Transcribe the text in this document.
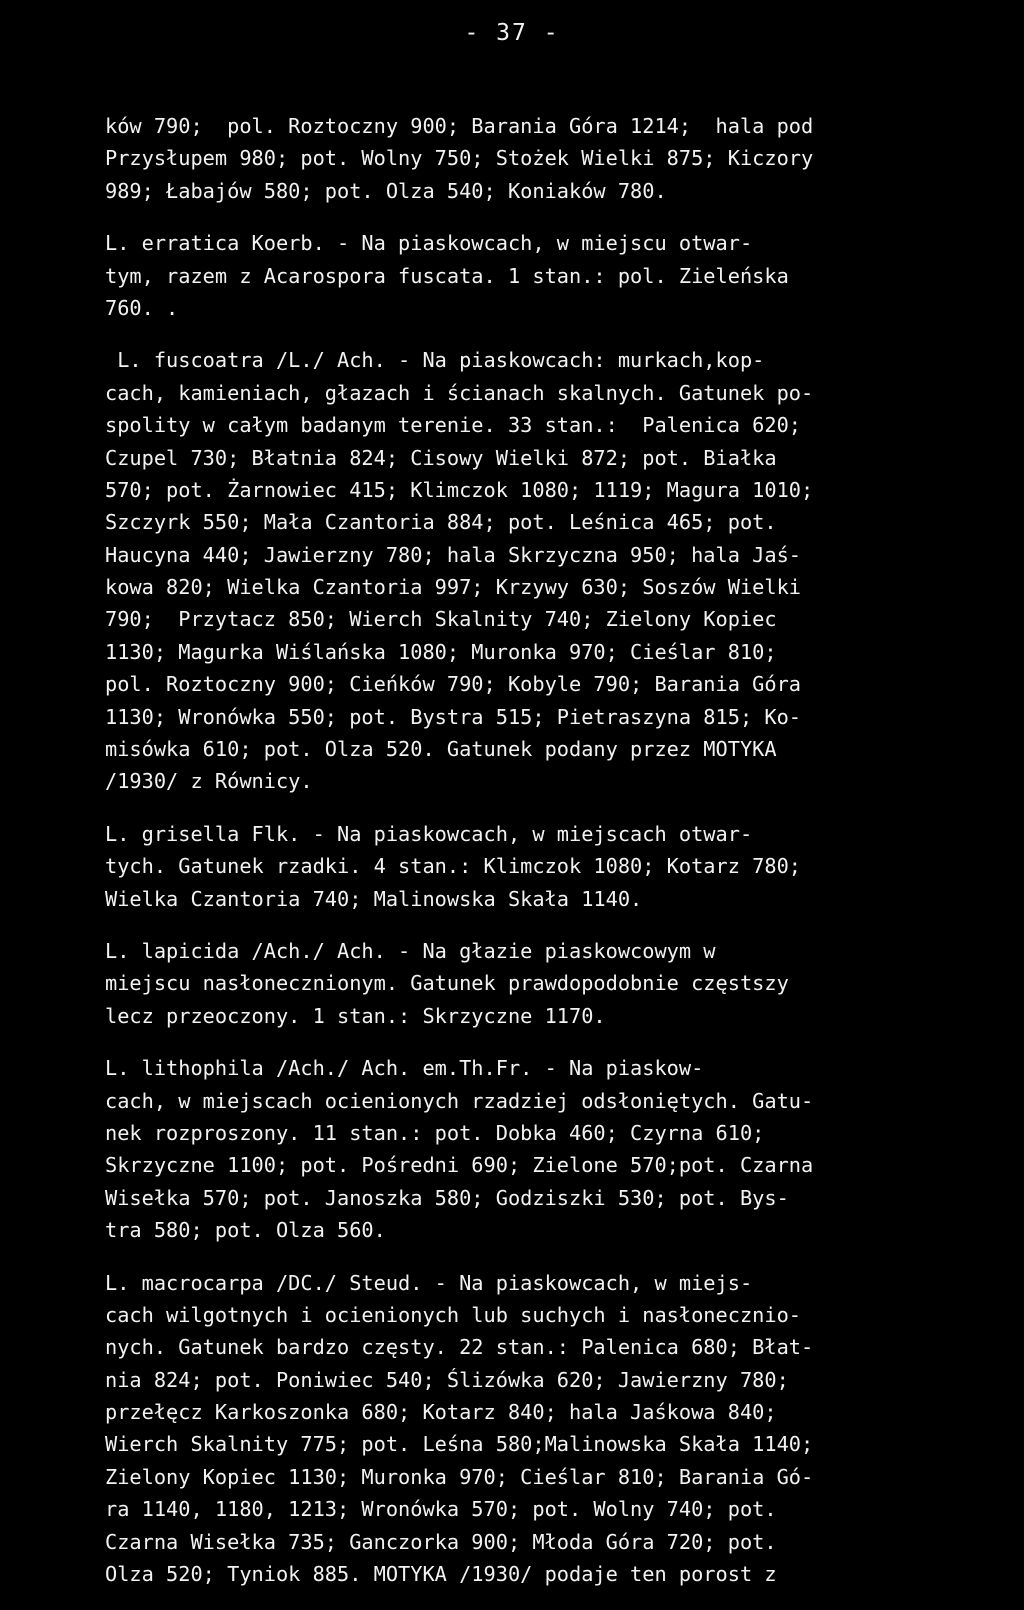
- 37 -
ków 790;  pol. Roztoczny 900; Barania Góra 1214;  hala pod
Przysłupem 980; pot. Wolny 750; Stożek Wielki 875; Kiczory
989; Łabajów 580; pot. Olza 540; Koniaków 780.
L. erratica Koerb. - Na piaskowcach, w miejscu otwar-
tym, razem z Acarospora fuscata. 1 stan.: pol. Zieleńska
760. .
L. fuscoatra /L./ Ach. - Na piaskowcach: murkach,kop-
cach, kamieniach, głazach i ścianach skalnych. Gatunek po-
spolity w całym badanym terenie. 33 stan.:  Palenica 620;
Czupel 730; Błatnia 824; Cisowy Wielki 872; pot. Białka
570; pot. Żarnowiec 415; Klimczok 1080; 1119; Magura 1010;
Szczyrk 550; Mała Czantoria 884; pot. Leśnica 465; pot.
Haucyna 440; Jawierzny 780; hala Skrzyczna 950; hala Jaś-
kowa 820; Wielka Czantoria 997; Krzywy 630; Soszów Wielki
790;  Przytacz 850; Wierch Skalnity 740; Zielony Kopiec
1130; Magurka Wiślańska 1080; Muronka 970; Cieślar 810;
pol. Roztoczny 900; Cieńków 790; Kobyle 790; Barania Góra
1130; Wronówka 550; pot. Bystra 515; Pietraszyna 815; Ko-
misówka 610; pot. Olza 520. Gatunek podany przez MOTYKA
/1930/ z Równicy.
L. grisella Flk. - Na piaskowcach, w miejscach otwar-
tych. Gatunek rzadki. 4 stan.: Klimczok 1080; Kotarz 780;
Wielka Czantoria 740; Malinowska Skała 1140.
L. lapicida /Ach./ Ach. - Na głazie piaskowcowym w
miejscu nasłonecznionym. Gatunek prawdopodobnie częstszy
lecz przeoczony. 1 stan.: Skrzyczne 1170.
L. lithophila /Ach./ Ach. em.Th.Fr. - Na piaskow-
cach, w miejscach ocienionych rzadziej odsłoniętych. Gatu-
nek rozproszony. 11 stan.: pot. Dobka 460; Czyrna 610;
Skrzyczne 1100; pot. Pośredni 690; Zielone 570;pot. Czarna
Wisełka 570; pot. Janoszka 580; Godziszki 530; pot. Bys-
tra 580; pot. Olza 560.
L. macrocarpa /DC./ Steud. - Na piaskowcach, w miejs-
cach wilgotnych i ocienionych lub suchych i nasłonecznio-
nych. Gatunek bardzo częsty. 22 stan.: Palenica 680; Błat-
nia 824; pot. Poniwiec 540; Ślizówka 620; Jawierzny 780;
przełęcz Karkoszonka 680; Kotarz 840; hala Jaśkowa 840;
Wierch Skalnity 775; pot. Leśna 580;Malinowska Skała 1140;
Zielony Kopiec 1130; Muronka 970; Cieślar 810; Barania Gó-
ra 1140, 1180, 1213; Wronówka 570; pot. Wolny 740; pot.
Czarna Wisełka 735; Ganczorka 900; Młoda Góra 720; pot.
Olza 520; Tyniok 885. MOTYKA /1930/ podaje ten porost z
